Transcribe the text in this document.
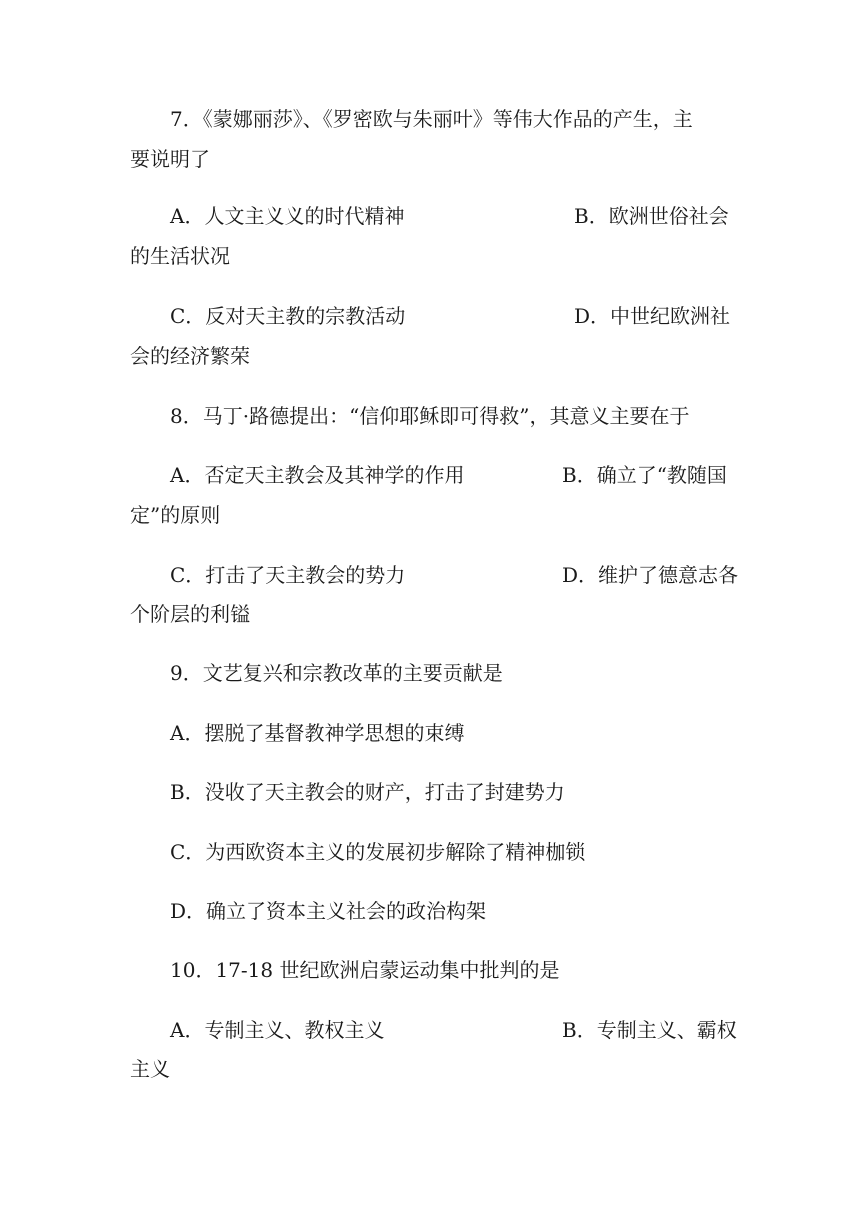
7．《蒙娜丽莎》、《罗密欧与朱丽叶》等伟大作品的产生，主
要说明了
A．人文主义义的时代精神	B．欧洲世俗社会
的生活状况
C．反对天主教的宗教活动	D．中世纪欧洲社
会的经济繁荣
8．马丁·路德提出：“信仰耶稣即可得救”，其意义主要在于
A．否定天主教会及其神学的作用	B．确立了“教随国
定”的原则
C．打击了天主教会的势力	D．维护了德意志各
个阶层的利镒
9．文艺复兴和宗教改革的主要贡献是
A．摆脱了基督教神学思想的束缚
B．没收了天主教会的财产，打击了封建势力
C．为西欧资本主义的发展初步解除了精神枷锁
D．确立了资本主义社会的政治构架
10．17-18 世纪欧洲启蒙运动集中批判的是
A．专制主义、教权主义	B．专制主义、霸权
主义
